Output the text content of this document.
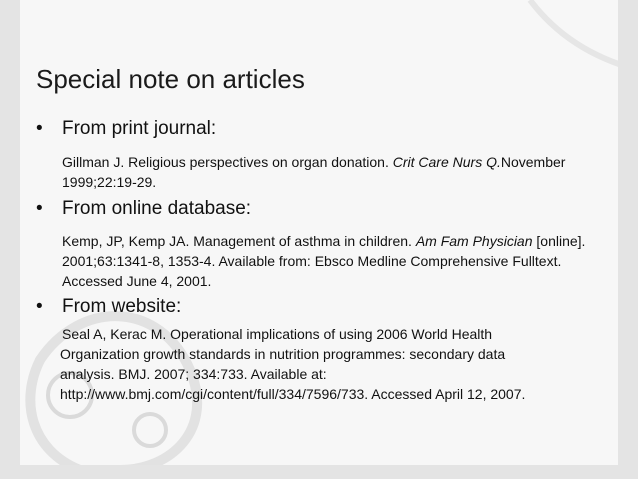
Special note on articles
• From print journal:
Gillman J. Religious perspectives on organ donation. Crit Care Nurs Q.November 1999;22:19-29.
• From online database:
Kemp, JP, Kemp JA. Management of asthma in children. Am Fam Physician [online]. 2001;63:1341-8, 1353-4. Available from: Ebsco Medline Comprehensive Fulltext. Accessed June 4, 2001.
• From website:
Seal A, Kerac M. Operational implications of using 2006 World Health
Organization growth standards in nutrition programmes: secondary data
analysis. BMJ. 2007; 334:733. Available at:
http://www.bmj.com/cgi/content/full/334/7596/733. Accessed April 12, 2007.
